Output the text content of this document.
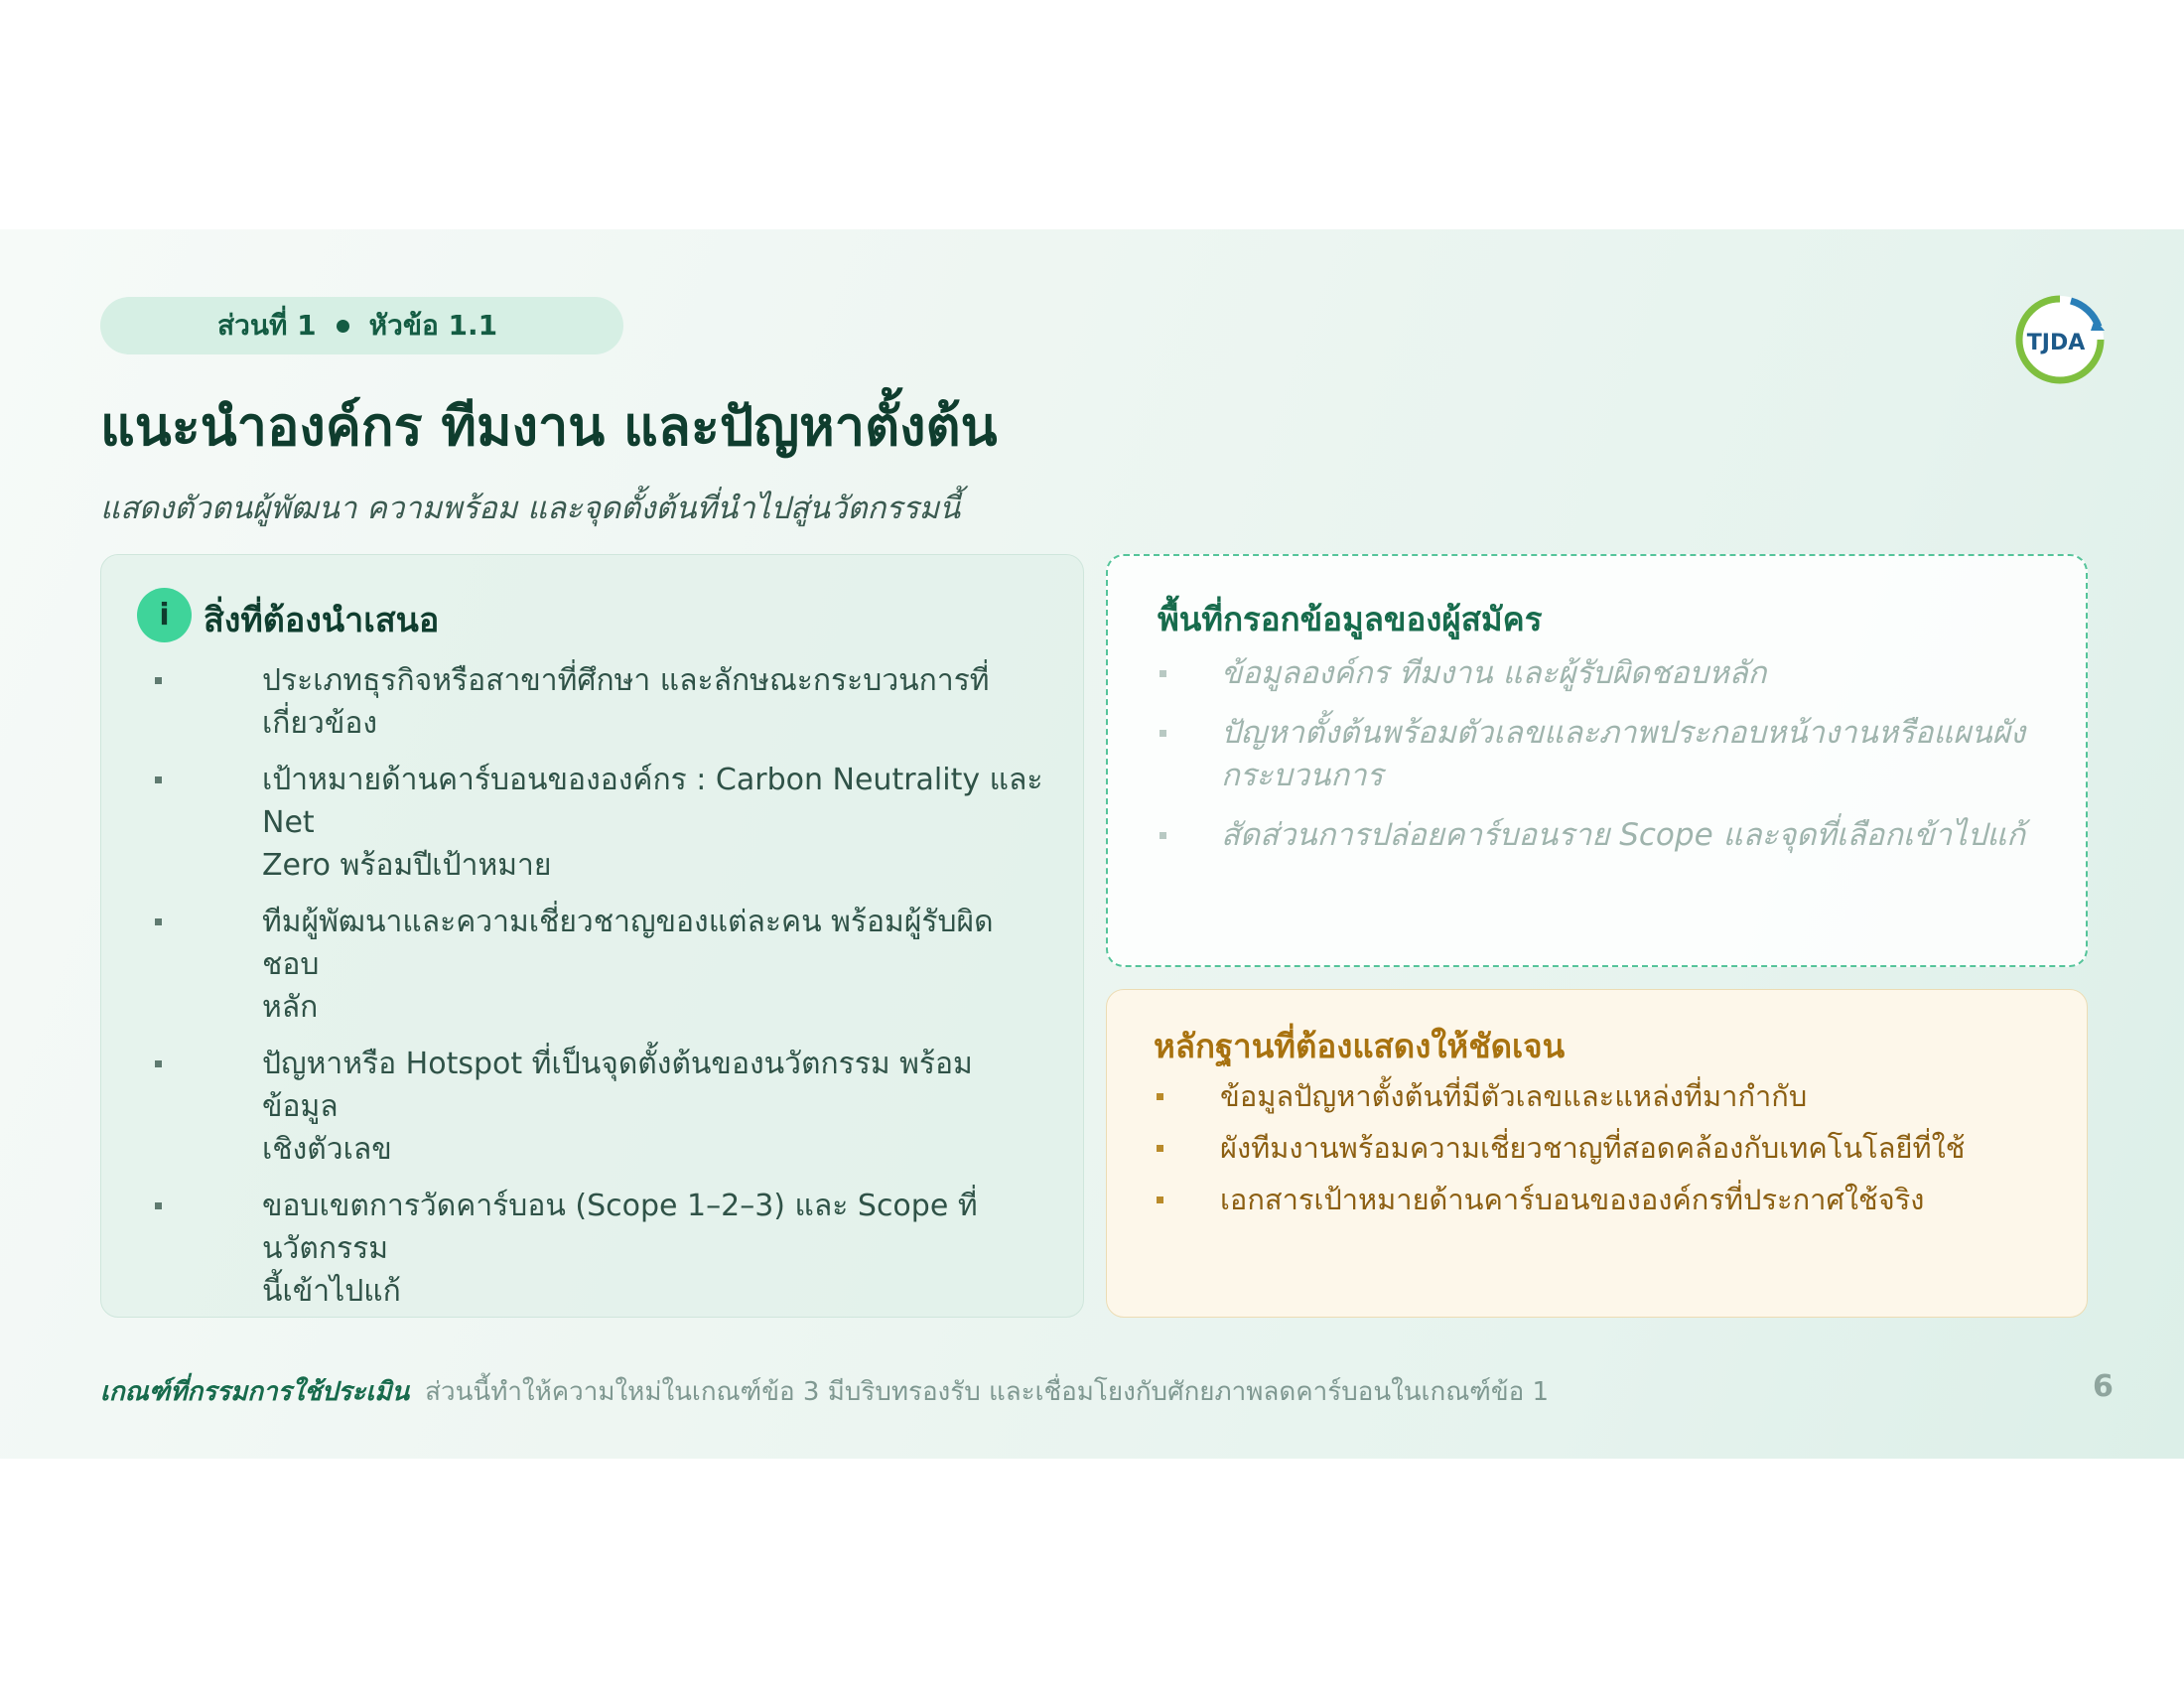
ส่วนที่ 1 หัวข้อ 1.1
TJDA
แนะนำองค์กร ทีมงาน และปัญหาตั้งต้น
แสดงตัวตนผู้พัฒนา ความพร้อม และจุดตั้งต้นที่นำไปสู่นวัตกรรมนี้
i	สิ่งที่ต้องนำเสนอ
ประเภทธุรกิจหรือสาขาที่ศึกษา และลักษณะกระบวนการที่
เกี่ยวข้อง
เป้าหมายด้านคาร์บอนขององค์กร : Carbon Neutrality และ Net
Zero พร้อมปีเป้าหมาย
ทีมผู้พัฒนาและความเชี่ยวชาญของแต่ละคน พร้อมผู้รับผิดชอบ
หลัก
ปัญหาหรือ Hotspot ที่เป็นจุดตั้งต้นของนวัตกรรม พร้อมข้อมูล
เชิงตัวเลข
ขอบเขตการวัดคาร์บอน (Scope 1–2–3) และ Scope ที่นวัตกรรม
นี้เข้าไปแก้
พื้นที่กรอกข้อมูลของผู้สมัคร
ข้อมูลองค์กร ทีมงาน และผู้รับผิดชอบหลัก
ปัญหาตั้งต้นพร้อมตัวเลขและภาพประกอบหน้างานหรือแผนผัง
กระบวนการ
สัดส่วนการปล่อยคาร์บอนราย Scope และจุดที่เลือกเข้าไปแก้
หลักฐานที่ต้องแสดงให้ชัดเจน
ข้อมูลปัญหาตั้งต้นที่มีตัวเลขและแหล่งที่มากำกับ
ผังทีมงานพร้อมความเชี่ยวชาญที่สอดคล้องกับเทคโนโลยีที่ใช้
เอกสารเป้าหมายด้านคาร์บอนขององค์กรที่ประกาศใช้จริง
เกณฑ์ที่กรรมการใช้ประเมิน ส่วนนี้ทำให้ความใหม่ในเกณฑ์ข้อ 3 มีบริบทรองรับ และเชื่อมโยงกับศักยภาพลดคาร์บอนในเกณฑ์ข้อ 1	6
